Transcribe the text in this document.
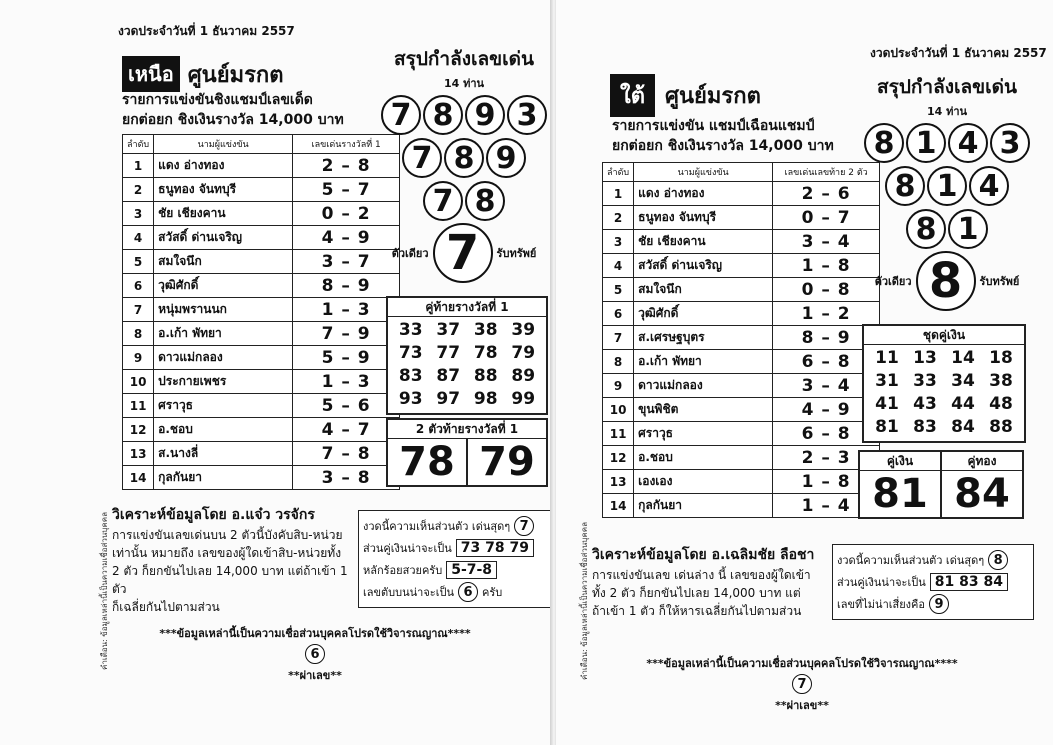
งวดประจำวันที่ 1 ธันวาคม 2557
เหนือ ศูนย์มรกต
รายการแข่งขันชิงแชมป์เลขเด็ด
ยกต่อยก ชิงเงินรางวัล 14,000 บาท
ลำดับ	นามผู้แข่งขัน	เลขเด่นรางวัลที่ 1
1	แดง อ่างทอง	2 – 8
2	ธนูทอง จันทบุรี	5 – 7
3	ชัย เชียงคาน	0 – 2
4	สวัสดิ์ ด่านเจริญ	4 – 9
5	สมใจนึก	3 – 7
6	วุฒิศักดิ์	8 – 9
7	หนุ่มพรานนก	1 – 3
8	อ.เก้า พัทยา	7 – 9
9	ดาวแม่กลอง	5 – 9
10	ประกายเพชร	1 – 3
11	ศราวุธ	5 – 6
12	อ.ชอบ	4 – 7
13	ส.นางลี่	7 – 8
14	กุลกันยา	3 – 8
สรุปกำลังเลขเด่น
14 ท่าน
7 8 9 3
7 8 9
7 8
ตัวเดียว 7	รับทรัพย์
คู่ท้ายรางวัลที่ 1
33 37 38 39
73 77 78 79
83 87 88 89
93 97 98 99
2 ตัวท้ายรางวัลที่ 1
78 79
วิเคราะห์ข้อมูลโดย อ.แจ๋ว วรจักร
การแข่งขันเลขเด่นบน 2 ตัวนี้บังคับสิบ-หน่วย
เท่านั้น หมายถึง เลขของผู้ใดเข้าสิบ-หน่วยทั้ง
2 ตัว ก็ยกขันไปเลย 14,000 บาท แต่ถ้าเข้า 1 ตัว
ก็เฉลี่ยกันไปตามส่วน
งวดนี้ความเห็นส่วนตัว เด่นสุดๆ 7
ส่วนคู่เงินน่าจะเป็น 73 78 79
หลักร้อยสวยครับ 5-7-8
เลขตับบนน่าจะเป็น 6 ครับ
***ข้อมูลเหล่านี้เป็นความเชื่อส่วนบุคคลโปรดใช้วิจารณญาณ****
6
**ผ่าเลข**
คำเตือน: ข้อมูลเหล่านี้เป็นความเชื่อส่วนบุคคล
งวดประจำวันที่ 1 ธันวาคม 2557
ใต้ ศูนย์มรกต
รายการแข่งขัน แชมป์เฉือนแชมป์
ยกต่อยก ชิงเงินรางวัล 14,000 บาท
ลำดับ	นามผู้แข่งขัน	เลขเด่นเลขท้าย 2 ตัว
1	แดง อ่างทอง	2 – 6
2	ธนูทอง จันทบุรี	0 – 7
3	ชัย เชียงคาน	3 – 4
4	สวัสดิ์ ด่านเจริญ	1 – 8
5	สมใจนึก	0 – 8
6	วุฒิศักดิ์	1 – 2
7	ส.เศรษฐบุตร	8 – 9
8	อ.เก้า พัทยา	6 – 8
9	ดาวแม่กลอง	3 – 4
10	ขุนพิชิต	4 – 9
11	ศราวุธ	6 – 8
12	อ.ชอบ	2 – 3
13	เองเอง	1 – 8
14	กุลกันยา	1 – 4
สรุปกำลังเลขเด่น
14 ท่าน
8 1 4 3
8 1 4
8 1
ตัวเดียว 8	รับทรัพย์
ชุดคู่เงิน
11 13 14 18
31 33 34 38
41 43 44 48
81 83 84 88
คู่เงิน
81
คู่ทอง
84
วิเคราะห์ข้อมูลโดย อ.เฉลิมชัย ลือชา
การแข่งขันเลข เด่นล่าง นี้ เลขของผู้ใดเข้า
ทั้ง 2 ตัว ก็ยกขันไปเลย 14,000 บาท แต่
ถ้าเข้า 1 ตัว ก็ให้หารเฉลี่ยกันไปตามส่วน
งวดนี้ความเห็นส่วนตัว เด่นสุดๆ 8
ส่วนคู่เงินน่าจะเป็น 81 83 84
เลขที่ไม่น่าเสี่ยงคือ 9
***ข้อมูลเหล่านี้เป็นความเชื่อส่วนบุคคลโปรดใช้วิจารณญาณ****
7
**ผ่าเลข**
คำเตือน: ข้อมูลเหล่านี้เป็นความเชื่อส่วนบุคคล
